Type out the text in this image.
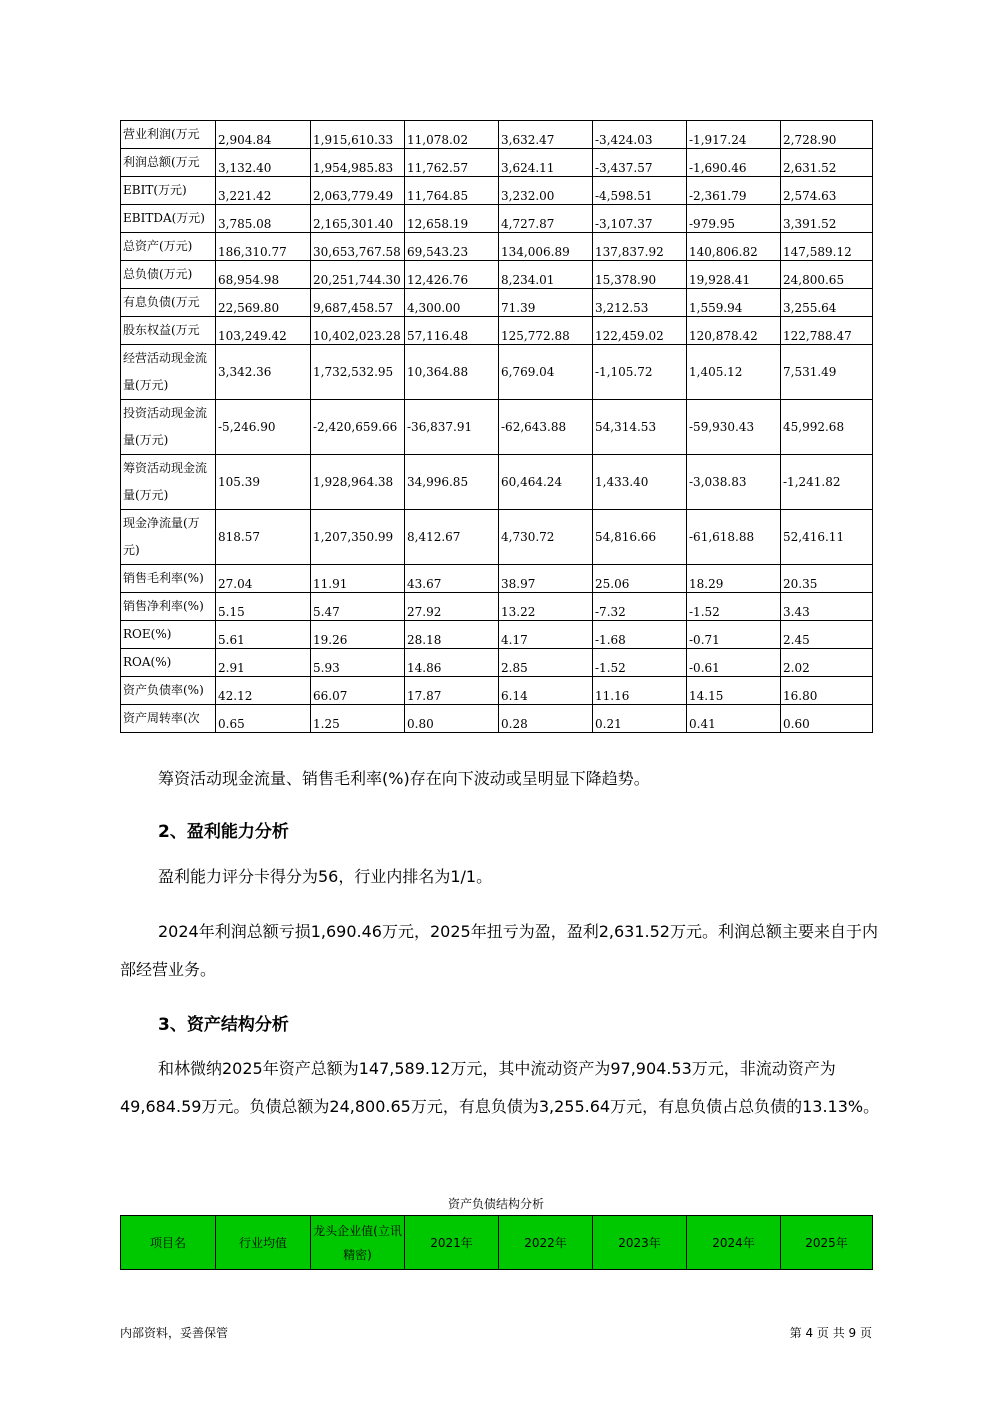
营业利润(万元	2,904.84	1,915,610.33	11,078.02	3,632.47	-3,424.03	-1,917.24	2,728.90
利润总额(万元	3,132.40	1,954,985.83	11,762.57	3,624.11	-3,437.57	-1,690.46	2,631.52
EBIT(万元)	3,221.42	2,063,779.49	11,764.85	3,232.00	-4,598.51	-2,361.79	2,574.63
EBITDA(万元)	3,785.08	2,165,301.40	12,658.19	4,727.87	-3,107.37	-979.95	3,391.52
总资产(万元)	186,310.77	30,653,767.58	69,543.23	134,006.89	137,837.92	140,806.82	147,589.12
总负债(万元)	68,954.98	20,251,744.30	12,426.76	8,234.01	15,378.90	19,928.41	24,800.65
有息负债(万元	22,569.80	9,687,458.57	4,300.00	71.39	3,212.53	1,559.94	3,255.64
股东权益(万元	103,249.42	10,402,023.28	57,116.48	125,772.88	122,459.02	120,878.42	122,788.47
经营活动现金流量(万元)	3,342.36	1,732,532.95	10,364.88	6,769.04	-1,105.72	1,405.12	7,531.49
投资活动现金流量(万元)	-5,246.90	-2,420,659.66	-36,837.91	-62,643.88	54,314.53	-59,930.43	45,992.68
筹资活动现金流量(万元)	105.39	1,928,964.38	34,996.85	60,464.24	1,433.40	-3,038.83	-1,241.82
现金净流量(万元)	818.57	1,207,350.99	8,412.67	4,730.72	54,816.66	-61,618.88	52,416.11
销售毛利率(%)	27.04	11.91	43.67	38.97	25.06	18.29	20.35
销售净利率(%)	5.15	5.47	27.92	13.22	-7.32	-1.52	3.43
ROE(%)	5.61	19.26	28.18	4.17	-1.68	-0.71	2.45
ROA(%)	2.91	5.93	14.86	2.85	-1.52	-0.61	2.02
资产负债率(%)	42.12	66.07	17.87	6.14	11.16	14.15	16.80
资产周转率(次	0.65	1.25	0.80	0.28	0.21	0.41	0.60
筹资活动现金流量、销售毛利率(%)存在向下波动或呈明显下降趋势。
2、盈利能力分析
盈利能力评分卡得分为56，行业内排名为1/1。
2024年利润总额亏损1,690.46万元，2025年扭亏为盈，盈利2,631.52万元。利润总额主要来自于内部经营业务。
3、资产结构分析
和林微纳2025年资产总额为147,589.12万元，其中流动资产为97,904.53万元，非流动资产为49,684.59万元。负债总额为24,800.65万元，有息负债为3,255.64万元，有息负债占总负债的13.13%。
资产负债结构分析
项目名	行业均值	龙头企业值(立讯精密)	2021年	2022年	2023年	2024年	2025年
内部资料，妥善保管	第 4 页 共 9 页
